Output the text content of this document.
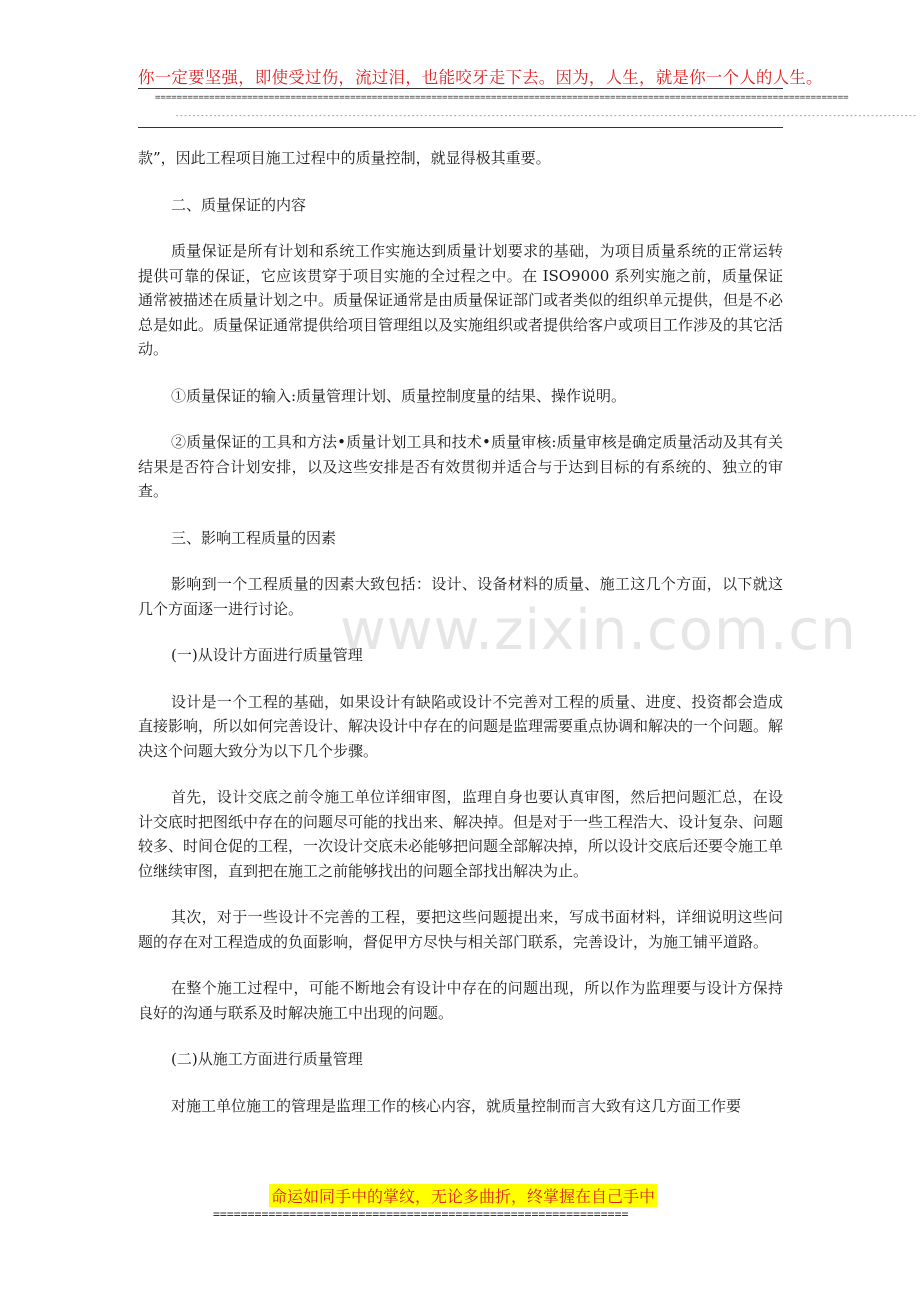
你一定要坚强，即使受过伤，流过泪，也能咬牙走下去。因为，人生，就是你一个人的人生。
================================================================================================================================
--------------------------------------------------------------------------------------------------------------------------------------------------------------------------------

款”，因此工程项目施工过程中的质量控制，就显得极其重要。

二、质量保证的内容

质量保证是所有计划和系统工作实施达到质量计划要求的基础，为项目质量系统的正常运转提供可靠的保证，它应该贯穿于项目实施的全过程之中。在 ISO9000 系列实施之前，质量保证通常被描述在质量计划之中。质量保证通常是由质量保证部门或者类似的组织单元提供，但是不必总是如此。质量保证通常提供给项目管理组以及实施组织或者提供给客户或项目工作涉及的其它活动。

①质量保证的输入:质量管理计划、质量控制度量的结果、操作说明。

②质量保证的工具和方法•质量计划工具和技术•质量审核:质量审核是确定质量活动及其有关结果是否符合计划安排，以及这些安排是否有效贯彻并适合与于达到目标的有系统的、独立的审查。

三、影响工程质量的因素

影响到一个工程质量的因素大致包括：设计、设备材料的质量、施工这几个方面，以下就这几个方面逐一进行讨论。

(一)从设计方面进行质量管理

设计是一个工程的基础，如果设计有缺陷或设计不完善对工程的质量、进度、投资都会造成直接影响，所以如何完善设计、解决设计中存在的问题是监理需要重点协调和解决的一个问题。解决这个问题大致分为以下几个步骤。

首先，设计交底之前令施工单位详细审图，监理自身也要认真审图，然后把问题汇总，在设计交底时把图纸中存在的问题尽可能的找出来、解决掉。但是对于一些工程浩大、设计复杂、问题较多、时间仓促的工程，一次设计交底未必能够把问题全部解决掉，所以设计交底后还要令施工单位继续审图，直到把在施工之前能够找出的问题全部找出解决为止。

其次，对于一些设计不完善的工程，要把这些问题提出来，写成书面材料，详细说明这些问题的存在对工程造成的负面影响，督促甲方尽快与相关部门联系，完善设计，为施工铺平道路。

在整个施工过程中，可能不断地会有设计中存在的问题出现，所以作为监理要与设计方保持良好的沟通与联系及时解决施工中出现的问题。

(二)从施工方面进行质量管理

对施工单位施工的管理是监理工作的核心内容，就质量控制而言大致有这几方面工作要

www.zixin.com.cn
命运如同手中的掌纹，无论多曲折，终掌握在自己手中
============================================================
